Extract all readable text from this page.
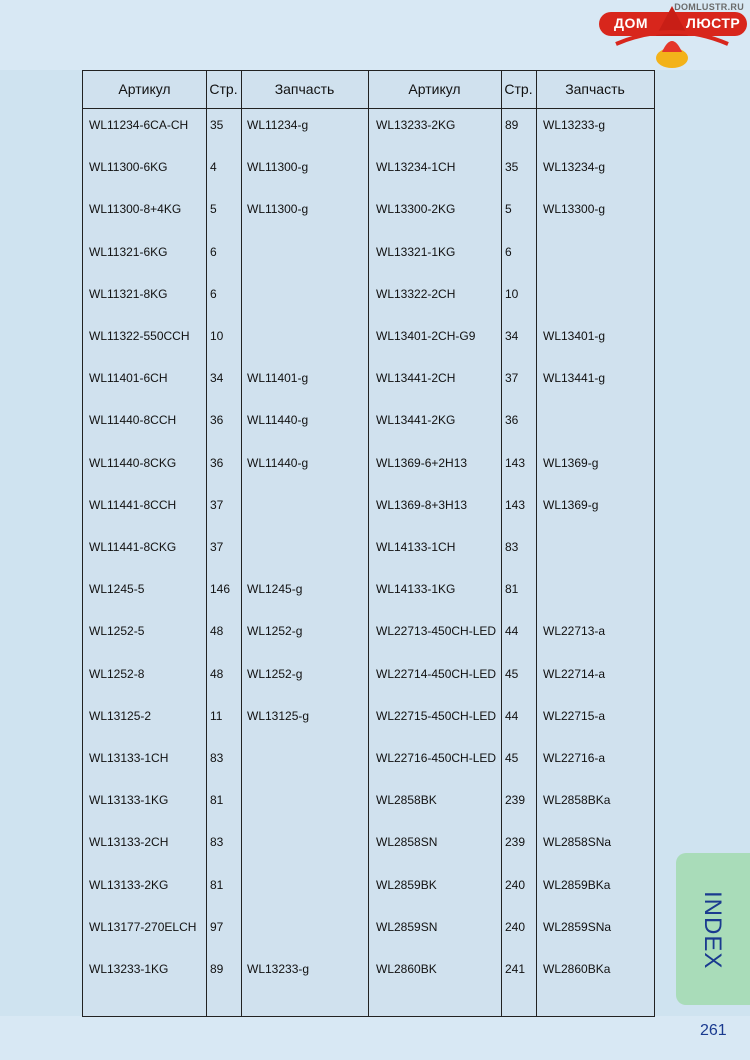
DOMLUSTR.RU
ДОМ	ЛЮСТР
Артикул	Стр.	Запчасть	Артикул	Стр.	Запчасть
WL11234-6CA-CH 35 WL11234-g	WL13233-2KG	89 WL13233-g
WL11300-6KG	4	WL11300-g	WL13234-1CH	35 WL13234-g
WL11300-8+4KG 5	WL11300-g	WL13300-2KG	5	WL13300-g
WL11321-6KG	6	WL13321-1KG	6
WL11321-8KG	6	WL13322-2CH	10
WL11322-550CCH 10	WL13401-2CH-G9 34 WL13401-g
WL11401-6CH	34 WL11401-g	WL13441-2CH	37 WL13441-g
WL11440-8CCH	36 WL11440-g	WL13441-2KG	36
WL11440-8CKG	36 WL11440-g	WL1369-6+2H13	143 WL1369-g
WL11441-8CCH	37	WL1369-8+3H13	143 WL1369-g
WL11441-8CKG	37	WL14133-1CH	83
WL1245-5	146 WL1245-g	WL14133-1KG	81
WL1252-5	48 WL1252-g	WL22713-450CH-LED 44 WL22713-a
WL1252-8	48 WL1252-g	WL22714-450CH-LED 45 WL22714-a
WL13125-2	11 WL13125-g	WL22715-450CH-LED 44 WL22715-a
WL13133-1CH	83	WL22716-450CH-LED 45 WL22716-a
WL13133-1KG	81	WL2858BK	239 WL2858BKa
WL13133-2CH	83	WL2858SN	239 WL2858SNa
WL13133-2KG	81	WL2859BK	240 WL2859BKa
WL13177-270ELCH 97	WL2859SN	240 WL2859SNa
WL13233-1KG	89 WL13233-g	WL2860BK	241 WL2860BKa	INDEX
261
